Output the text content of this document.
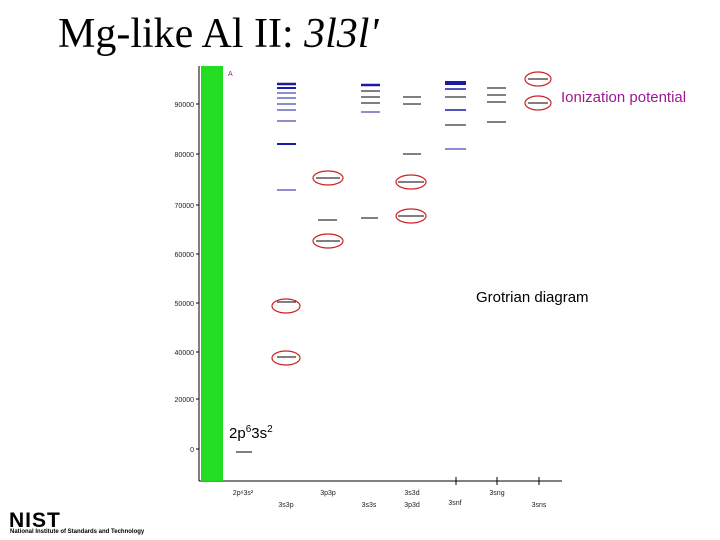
Mg-like Al II: 3l3l'
A
90000
80000
70000
60000
50000
40000
20000
0
2p⁶3s²	3p3p	3s3d
3snf
3sng
3s3p	3s3s	3sns
3p3d
NIST
Ionization potential
Grotrian diagram
$2p^63s^2$
National Institute of Standards and Technology
